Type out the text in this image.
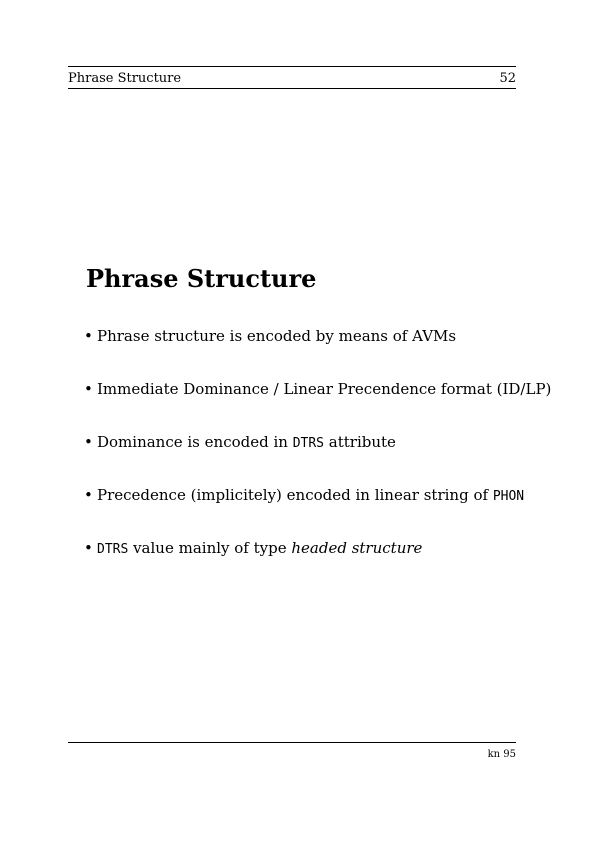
Phrase Structure	52
Phrase Structure
• Phrase structure is encoded by means of AVMs
• Immediate Dominance / Linear Precendence format (ID/LP)
• Dominance is encoded in DTRS attribute
• Precedence (implicitely) encoded in linear string of PHON
• DTRS value mainly of type headed structure
kn 95
